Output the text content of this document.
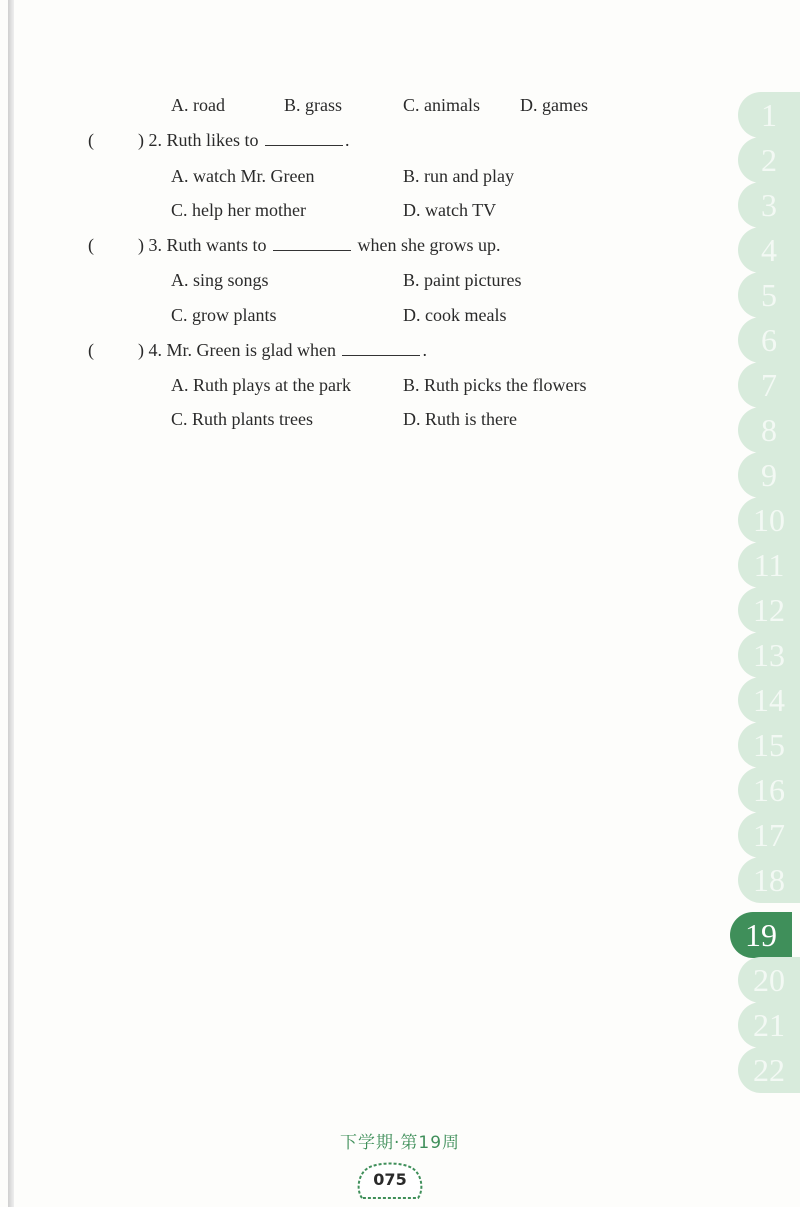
A. road	B. grass	C. animals D. games
( ) 2. Ruth likes to	.
A. watch Mr. Green	B. run and play
C. help her mother	D. watch TV
( ) 3. Ruth wants to	when she grows up.
A. sing songs	B. paint pictures
C. grow plants	D. cook meals
( ) 4. Mr. Green is glad when	.
A. Ruth plays at the park	B. Ruth picks the flowers
C. Ruth plants trees	D. Ruth is there
1
2
3
4
5
6
7
8
9
10
11
12
13
14
15
16
17
18
19
20
21
22
下学期·第19周
075
